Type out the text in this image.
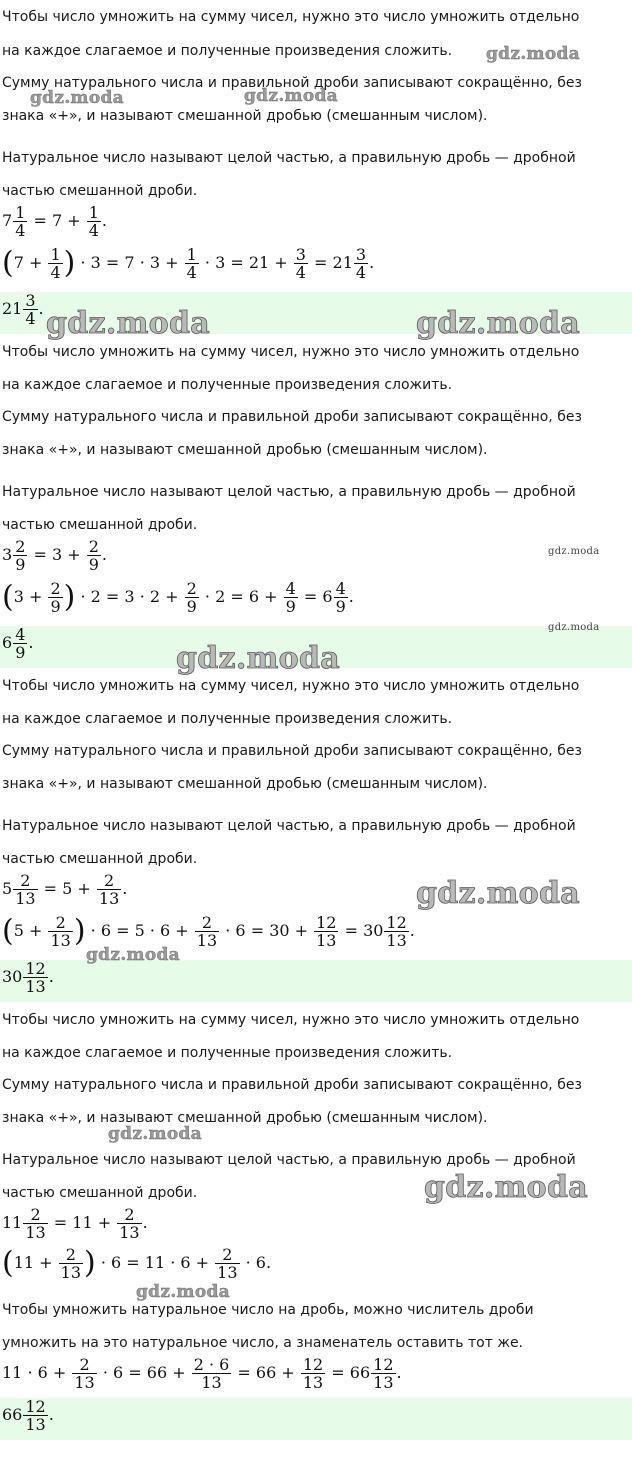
Чтобы число умножить на сумму чисел, нужно это число умножить отдельно
на каждое слагаемое и полученные произведения сложить.
Сумму натурального числа и правильной дроби записывают сокращённо, без
знака «+», и называют смешанной дробью (смешанным числом).
Натуральное число называют целой частью, а правильную дробь — дробной
частью смешанной дроби.
$7 \frac{1}{4} = 7 + \frac{1}{4}$ .
($7 + \frac{1}{4}$ ) · $3 = 7 \cdot 3 + \frac{1}{4} \cdot 3 = 21 + \frac{3}{4} = 21 \frac{3}{4}$ .
$21 \frac{3}{4}$ .
Чтобы число умножить на сумму чисел, нужно это число умножить отдельно
на каждое слагаемое и полученные произведения сложить.
Сумму натурального числа и правильной дроби записывают сокращённо, без
знака «+», и называют смешанной дробью (смешанным числом).
Натуральное число называют целой частью, а правильную дробь — дробной
частью смешанной дроби.
$3 \frac{2}{9} = 3 + \frac{2}{9}$ .
($3 + \frac{2}{9}$ ) · $2 = 3 \cdot 2 + \frac{2}{9} \cdot 2 = 6 + \frac{4}{9} = 6 \frac{4}{9}$ .
$6 \frac{4}{9}$ .
Чтобы число умножить на сумму чисел, нужно это число умножить отдельно
на каждое слагаемое и полученные произведения сложить.
Сумму натурального числа и правильной дроби записывают сокращённо, без
знака «+», и называют смешанной дробью (смешанным числом).
Натуральное число называют целой частью, а правильную дробь — дробной
частью смешанной дроби.
$5 \frac{2}{13} = 5 + \frac{2}{13}$ .
($5 + \frac{2}{13}$ ) · $6 = 5 \cdot 6 + \frac{2}{13} \cdot 6 = 30 + \frac{12}{13} = 30 \frac{12}{13}$ .
$30 \frac{12}{13}$ .
Чтобы число умножить на сумму чисел, нужно это число умножить отдельно
на каждое слагаемое и полученные произведения сложить.
Сумму натурального числа и правильной дроби записывают сокращённо, без
знака «+», и называют смешанной дробью (смешанным числом).
Натуральное число называют целой частью, а правильную дробь — дробной
частью смешанной дроби.
$11 \frac{2}{13} = 11 + \frac{2}{13}$ .
($11 + \frac{2}{13}$ ) · $6 = 11 \cdot 6 + \frac{2}{13} \cdot 6$.
Чтобы умножить натуральное число на дробь, можно числитель дроби
умножить на это натуральное число, а знаменатель оставить тот же.
$11 \cdot 6 + \frac{2}{13} \cdot 6 = 66 + \frac{2 \cdot 6}{13} = 66 + \frac{12}{13} = 66 \frac{12}{13}$ .
$66 \frac{12}{13}$ .
gdz.moda
gdz.moda	gdz.moda
gdz.moda	gdz.moda
gdz.moda
gdz.moda
gdz.moda
gdz.moda
gdz.moda
gdz.moda
gdz.moda
gdz.moda
